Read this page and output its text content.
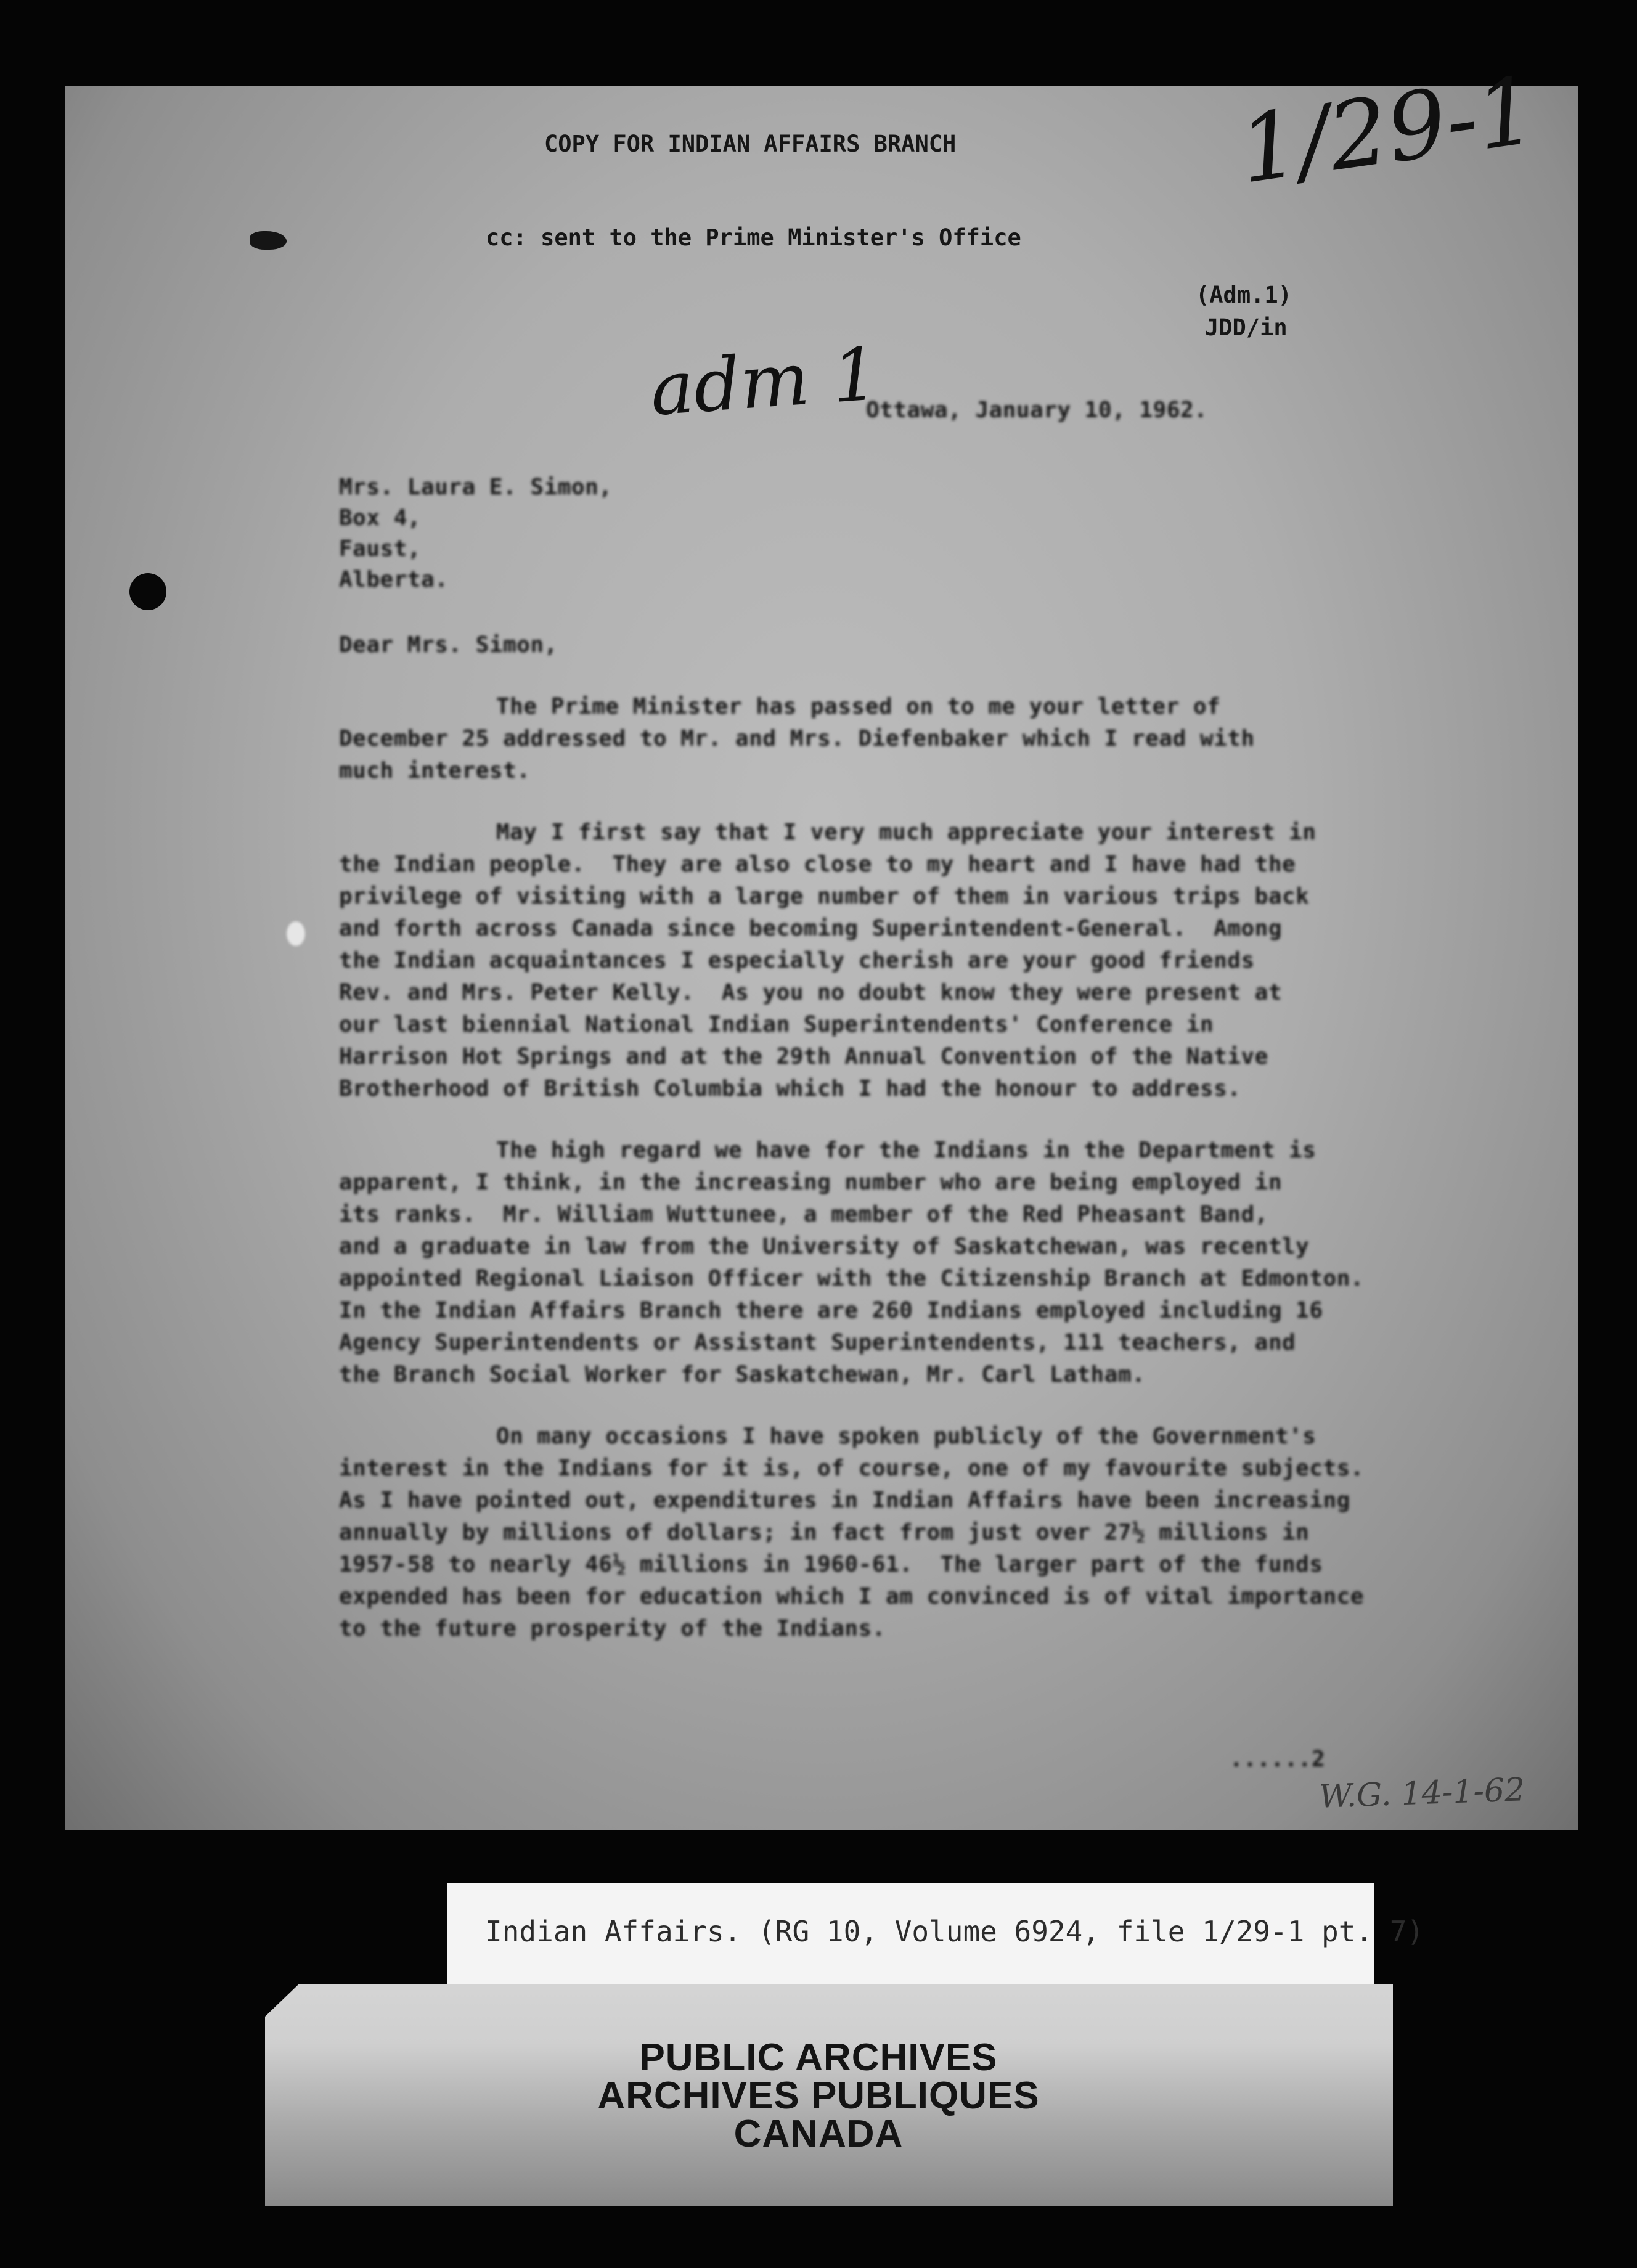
1/29-1
COPY FOR INDIAN AFFAIRS BRANCH
cc: sent to the Prime Minister's Office
(Adm.1)
JDD/in
adm 1
Ottawa, January 10, 1962.
Mrs. Laura E. Simon,
Box 4,
Faust,
Alberta.
Dear Mrs. Simon,
The Prime Minister has passed on to me your letter of
December 25 addressed to Mr. and Mrs. Diefenbaker which I read with
much interest.
May I first say that I very much appreciate your interest in
the Indian people.  They are also close to my heart and I have had the
privilege of visiting with a large number of them in various trips back
and forth across Canada since becoming Superintendent-General.  Among
the Indian acquaintances I especially cherish are your good friends
Rev. and Mrs. Peter Kelly.  As you no doubt know they were present at
our last biennial National Indian Superintendents' Conference in
Harrison Hot Springs and at the 29th Annual Convention of the Native
Brotherhood of British Columbia which I had the honour to address.
The high regard we have for the Indians in the Department is
apparent, I think, in the increasing number who are being employed in
its ranks.  Mr. William Wuttunee, a member of the Red Pheasant Band,
and a graduate in law from the University of Saskatchewan, was recently
appointed Regional Liaison Officer with the Citizenship Branch at Edmonton.
In the Indian Affairs Branch there are 260 Indians employed including 16
Agency Superintendents or Assistant Superintendents, 111 teachers, and
the Branch Social Worker for Saskatchewan, Mr. Carl Latham.
On many occasions I have spoken publicly of the Government's
interest in the Indians for it is, of course, one of my favourite subjects.
As I have pointed out, expenditures in Indian Affairs have been increasing
annually by millions of dollars; in fact from just over 27½ millions in
1957-58 to nearly 46½ millions in 1960-61.  The larger part of the funds
expended has been for education which I am convinced is of vital importance
to the future prosperity of the Indians.
......2
W.G. 14-1-62
Indian Affairs. (RG 10, Volume 6924, file 1/29-1 pt. 7)
PUBLIC ARCHIVES
ARCHIVES PUBLIQUES
CANADA
